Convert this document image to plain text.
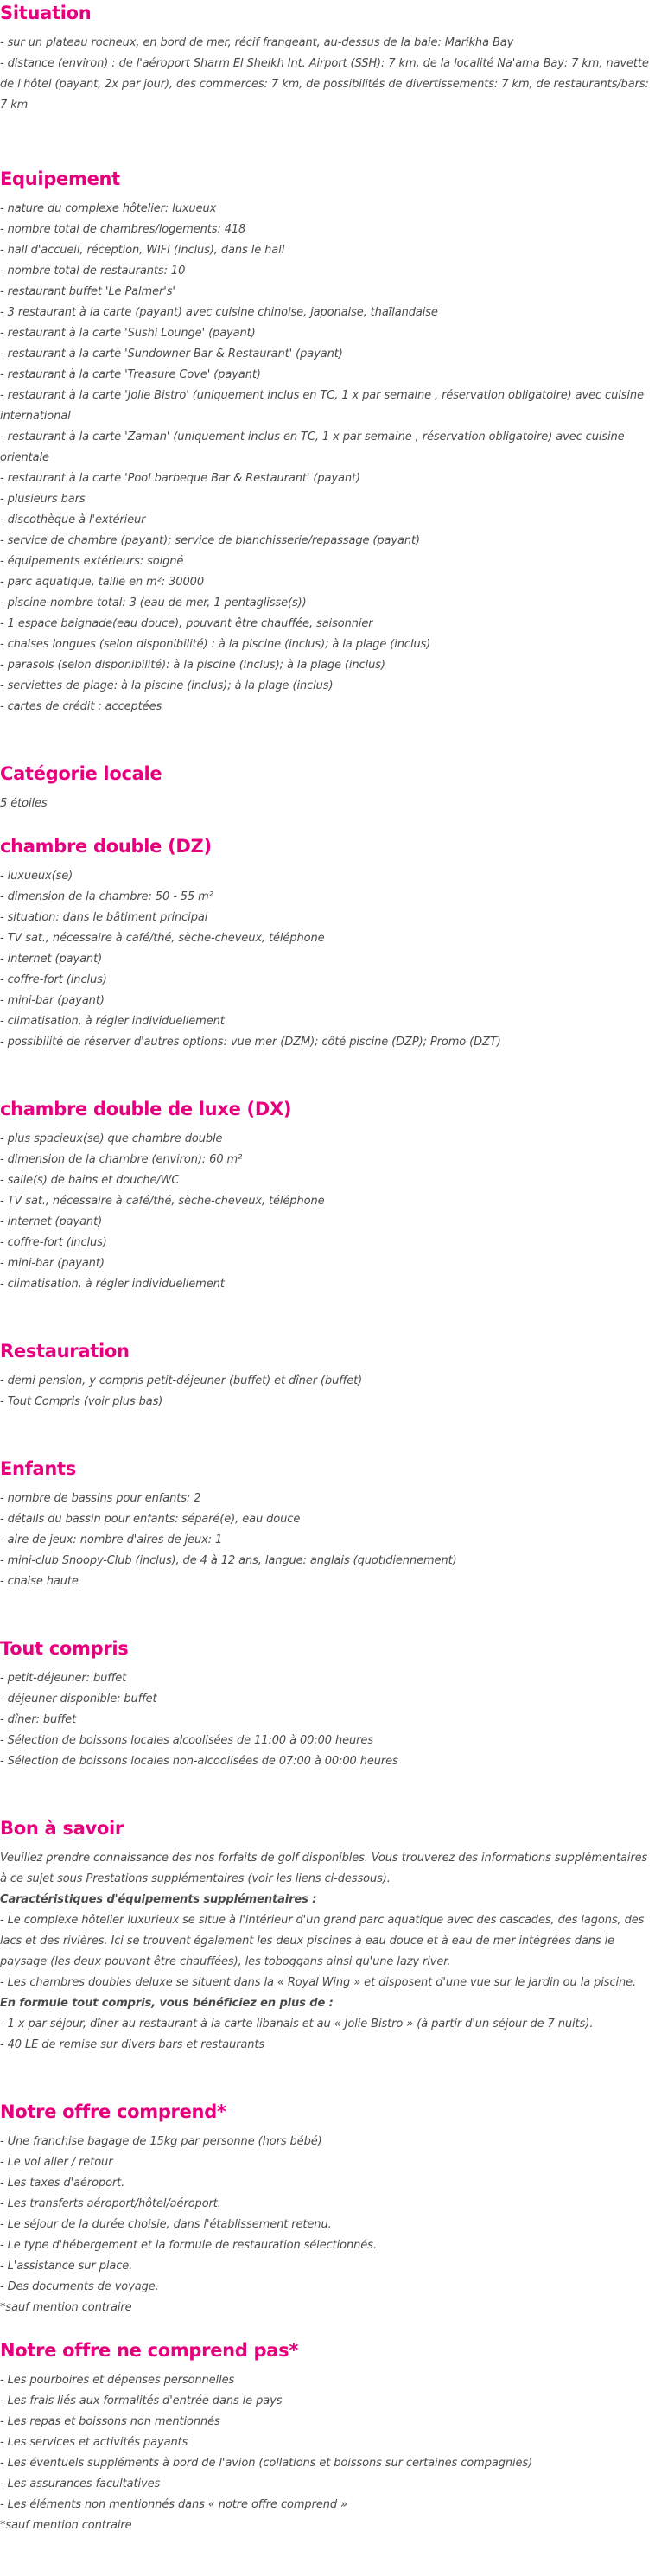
Situation
- sur un plateau rocheux, en bord de mer, récif frangeant, au-dessus de la baie: Marikha Bay
- distance (environ) : de l'aéroport Sharm El Sheikh Int. Airport (SSH): 7 km, de la localité Na'ama Bay: 7 km, navette de l'hôtel (payant, 2x par jour), des commerces: 7 km, de possibilités de divertissements: 7 km, de restaurants/bars: 7 km
Equipement
- nature du complexe hôtelier: luxueux
- nombre total de chambres/logements: 418
- hall d'accueil, réception, WIFI (inclus), dans le hall
- nombre total de restaurants: 10
- restaurant buffet 'Le Palmer's'
- 3 restaurant à la carte (payant) avec cuisine chinoise, japonaise, thaïlandaise
- restaurant à la carte 'Sushi Lounge' (payant)
- restaurant à la carte 'Sundowner Bar & Restaurant' (payant)
- restaurant à la carte 'Treasure Cove' (payant)
- restaurant à la carte 'Jolie Bistro' (uniquement inclus en TC, 1 x par semaine , réservation obligatoire) avec cuisine international
- restaurant à la carte 'Zaman' (uniquement inclus en TC, 1 x par semaine , réservation obligatoire) avec cuisine orientale
- restaurant à la carte 'Pool barbeque Bar & Restaurant' (payant)
- plusieurs bars
- discothèque à l'extérieur
- service de chambre (payant); service de blanchisserie/repassage (payant)
- équipements extérieurs: soigné
- parc aquatique, taille en m²: 30000
- piscine-nombre total: 3 (eau de mer, 1 pentaglisse(s))
- 1 espace baignade(eau douce), pouvant être chauffée, saisonnier
- chaises longues (selon disponibilité) : à la piscine (inclus); à la plage (inclus)
- parasols (selon disponibilité): à la piscine (inclus); à la plage (inclus)
- serviettes de plage: à la piscine (inclus); à la plage (inclus)
- cartes de crédit : acceptées
Catégorie locale
5 étoiles
chambre double (DZ)
- luxueux(se)
- dimension de la chambre: 50 - 55 m²
- situation: dans le bâtiment principal
- TV sat., nécessaire à café/thé, sèche-cheveux, téléphone
- internet (payant)
- coffre-fort (inclus)
- mini-bar (payant)
- climatisation, à régler individuellement
- possibilité de réserver d'autres options: vue mer (DZM); côté piscine (DZP); Promo (DZT)
chambre double de luxe (DX)
- plus spacieux(se) que chambre double
- dimension de la chambre (environ): 60 m²
- salle(s) de bains et douche/WC
- TV sat., nécessaire à café/thé, sèche-cheveux, téléphone
- internet (payant)
- coffre-fort (inclus)
- mini-bar (payant)
- climatisation, à régler individuellement
Restauration
- demi pension, y compris petit-déjeuner (buffet) et dîner (buffet)
- Tout Compris (voir plus bas)
Enfants
- nombre de bassins pour enfants: 2
- détails du bassin pour enfants: séparé(e), eau douce
- aire de jeux: nombre d'aires de jeux: 1
- mini-club Snoopy-Club (inclus), de 4 à 12 ans, langue: anglais (quotidiennement)
- chaise haute
Tout compris
- petit-déjeuner: buffet
- déjeuner disponible: buffet
- dîner: buffet
- Sélection de boissons locales alcoolisées de 11:00 à 00:00 heures
- Sélection de boissons locales non-alcoolisées de 07:00 à 00:00 heures
Bon à savoir
Veuillez prendre connaissance des nos forfaits de golf disponibles. Vous trouverez des informations supplémentaires à ce sujet sous Prestations supplémentaires (voir les liens ci-dessous).
Caractéristiques d'équipements supplémentaires :
- Le complexe hôtelier luxurieux se situe à l'intérieur d'un grand parc aquatique avec des cascades, des lagons, des lacs et des rivières. Ici se trouvent également les deux piscines à eau douce et à eau de mer intégrées dans le paysage (les deux pouvant être chauffées), les toboggans ainsi qu'une lazy river.
- Les chambres doubles deluxe se situent dans la « Royal Wing » et disposent d'une vue sur le jardin ou la piscine.
En formule tout compris, vous bénéficiez en plus de :
- 1 x par séjour, dîner au restaurant à la carte libanais et au « Jolie Bistro » (à partir d'un séjour de 7 nuits).
- 40 LE de remise sur divers bars et restaurants
Notre offre comprend*
- Une franchise bagage de 15kg par personne (hors bébé)
- Le vol aller / retour
- Les taxes d'aéroport.
- Les transferts aéroport/hôtel/aéroport.
- Le séjour de la durée choisie, dans l'établissement retenu.
- Le type d'hébergement et la formule de restauration sélectionnés.
- L'assistance sur place.
- Des documents de voyage.
*sauf mention contraire
Notre offre ne comprend pas*
- Les pourboires et dépenses personnelles
- Les frais liés aux formalités d'entrée dans le pays
- Les repas et boissons non mentionnés
- Les services et activités payants
- Les éventuels suppléments à bord de l'avion (collations et boissons sur certaines compagnies)
- Les assurances facultatives
- Les éléments non mentionnés dans « notre offre comprend »
*sauf mention contraire
